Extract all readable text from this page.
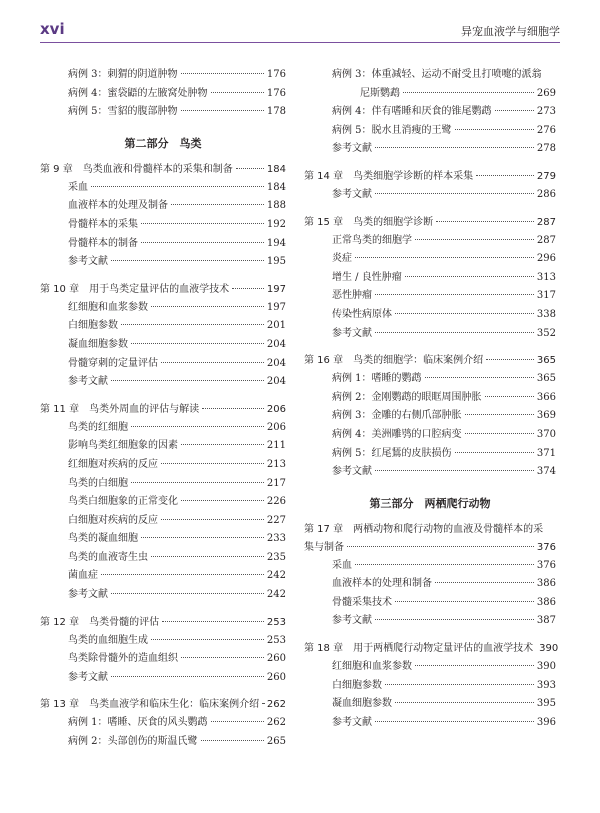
xvi	异宠血液学与细胞学
病例 3：刺猬的阴道肿物	176
病例 4：蜜袋鼯的左腋窝处肿物	176
病例 5：雪貂的腹部肿物	178
第二部分　鸟类
第 9 章　鸟类血液和骨髓样本的采集和制备	184
采血	184
血液样本的处理及制备	188
骨髓样本的采集	192
骨髓样本的制备	194
参考文献	195
第 10 章　用于鸟类定量评估的血液学技术	197
红细胞和血浆参数	197
白细胞参数	201
凝血细胞参数	204
骨髓穿刺的定量评估	204
参考文献	204
第 11 章　鸟类外周血的评估与解读	206
鸟类的红细胞	206
影响鸟类红细胞象的因素	211
红细胞对疾病的反应	213
鸟类的白细胞	217
鸟类白细胞象的正常变化	226
白细胞对疾病的反应	227
鸟类的凝血细胞	233
鸟类的血液寄生虫	235
菌血症	242
参考文献	242
第 12 章　鸟类骨髓的评估	253
鸟类的血细胞生成	253
鸟类除骨髓外的造血组织	260
参考文献	260
第 13 章　鸟类血液学和临床生化：临床案例介绍 262
病例 1：嗜睡、厌食的风头鹦鹉	262
病例 2：头部创伤的斯温氏鹭	265
病例 3：体重减轻、运动不耐受且打喷嚏的派翁
尼斯鹦鹉	269
病例 4：伴有嗜睡和厌食的锥尾鹦鹉	273
病例 5：脱水且消瘦的王鹭	276
参考文献	278
第 14 章　鸟类细胞学诊断的样本采集	279
参考文献	286
第 15 章　鸟类的细胞学诊断	287
正常鸟类的细胞学	287
炎症	296
增生 / 良性肿瘤	313
恶性肿瘤	317
传染性病原体	338
参考文献	352
第 16 章　鸟类的细胞学：临床案例介绍	365
病例 1：嗜睡的鹦鹉	365
病例 2：金刚鹦鹉的眼眶周围肿胀	366
病例 3：金雕的右侧爪部肿胀	369
病例 4：美洲雕鸮的口腔病变	370
病例 5：红尾鵟的皮肤损伤	371
参考文献	374
第三部分　两栖爬行动物
第 17 章　两栖动物和爬行动物的血液及骨髓样本的采
集与制备	376
采血	376
血液样本的处理和制备	386
骨髓采集技术	386
参考文献	387
第 18 章　用于两栖爬行动物定量评估的血液学技术 390
红细胞和血浆参数	390
白细胞参数	393
凝血细胞参数	395
参考文献	396
